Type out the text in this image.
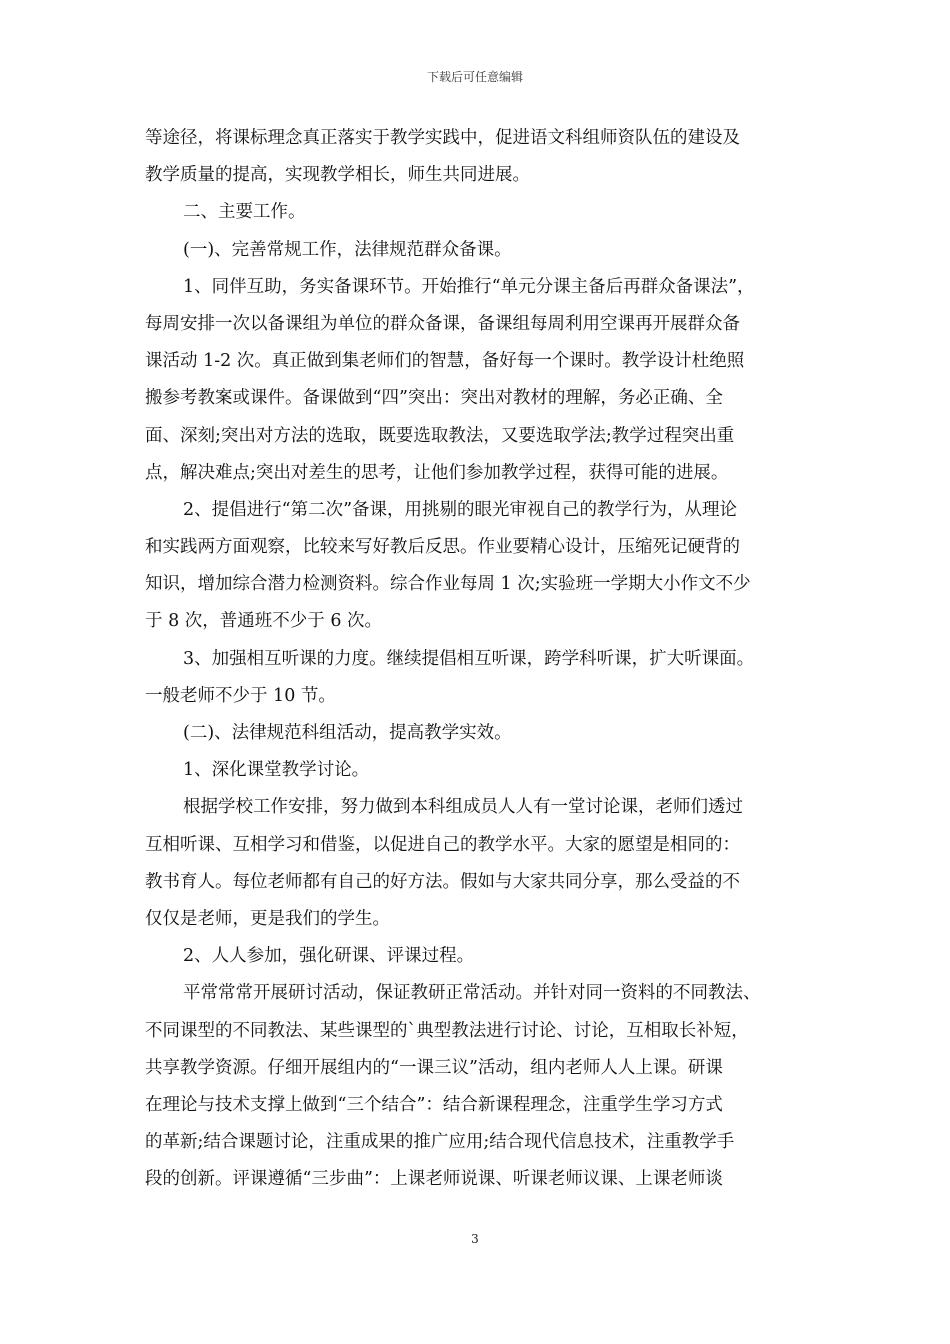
下载后可任意编辑
等途径，将课标理念真正落实于教学实践中，促进语文科组师资队伍的建设及
教学质量的提高，实现教学相长，师生共同进展。
二、主要工作。
(一)、完善常规工作，法律规范群众备课。
1、同伴互助，务实备课环节。开始推行“单元分课主备后再群众备课法”，
每周安排一次以备课组为单位的群众备课，备课组每周利用空课再开展群众备
课活动 1-2 次。真正做到集老师们的智慧，备好每一个课时。教学设计杜绝照
搬参考教案或课件。备课做到“四”突出：突出对教材的理解，务必正确、全
面、深刻;突出对方法的选取，既要选取教法，又要选取学法;教学过程突出重
点，解决难点;突出对差生的思考，让他们参加教学过程，获得可能的进展。
2、提倡进行“第二次”备课，用挑剔的眼光审视自己的教学行为，从理论
和实践两方面观察，比较来写好教后反思。作业要精心设计，压缩死记硬背的
知识，增加综合潜力检测资料。综合作业每周 1 次;实验班一学期大小作文不少
于 8 次，普通班不少于 6 次。
3、加强相互听课的力度。继续提倡相互听课，跨学科听课，扩大听课面。
一般老师不少于 10 节。
(二)、法律规范科组活动，提高教学实效。
1、深化课堂教学讨论。
根据学校工作安排，努力做到本科组成员人人有一堂讨论课，老师们透过
互相听课、互相学习和借鉴，以促进自己的教学水平。大家的愿望是相同的：
教书育人。每位老师都有自己的好方法。假如与大家共同分享，那么受益的不
仅仅是老师，更是我们的学生。
2、人人参加，强化研课、评课过程。
平常常常开展研讨活动，保证教研正常活动。并针对同一资料的不同教法、
不同课型的不同教法、某些课型的`典型教法进行讨论、讨论，互相取长补短，
共享教学资源。仔细开展组内的“一课三议”活动，组内老师人人上课。研课
在理论与技术支撑上做到“三个结合”：结合新课程理念，注重学生学习方式
的革新;结合课题讨论，注重成果的推广应用;结合现代信息技术，注重教学手
段的创新。评课遵循“三步曲”：上课老师说课、听课老师议课、上课老师谈
3
